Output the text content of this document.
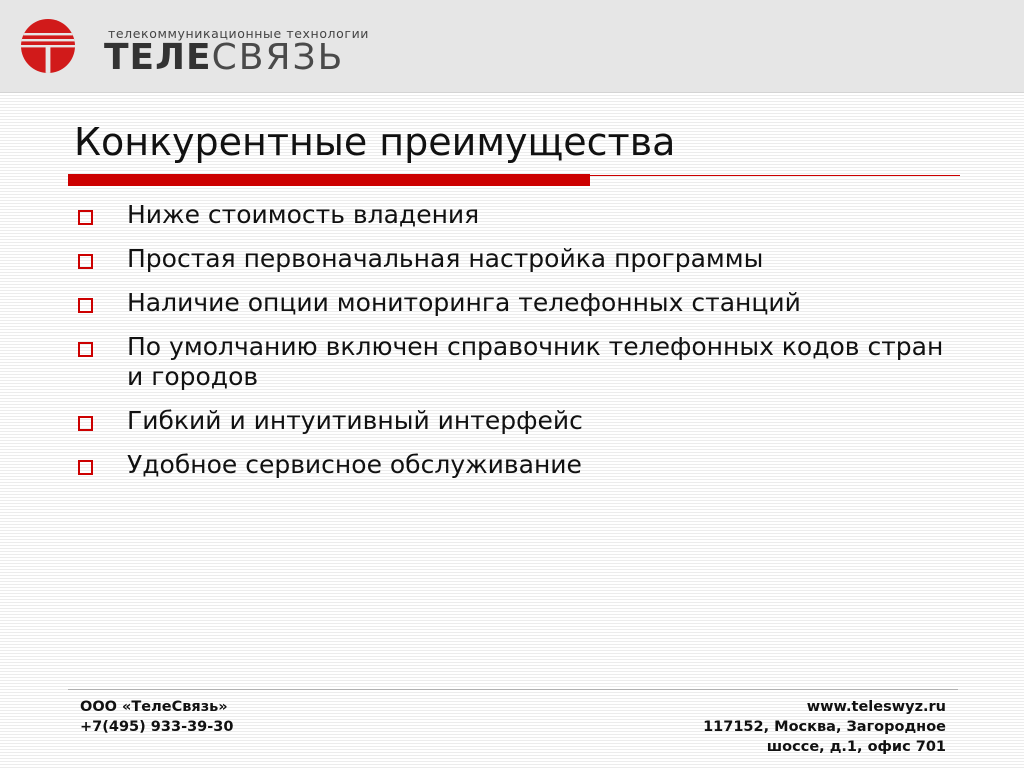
телекоммуникационные технологии
ТЕЛЕСВЯЗЬ
Конкурентные преимущества
Ниже стоимость владения
Простая первоначальная настройка программы
Наличие опции мониторинга телефонных станций
По умолчанию включен справочник телефонных кодов стран и городов
Гибкий и интуитивный интерфейс
Удобное сервисное обслуживание
ООО «ТелеСвязь»
+7(495) 933-39-30
www.teleswyz.ru
117152, Москва, Загородное
шоссе, д.1, офис 701
